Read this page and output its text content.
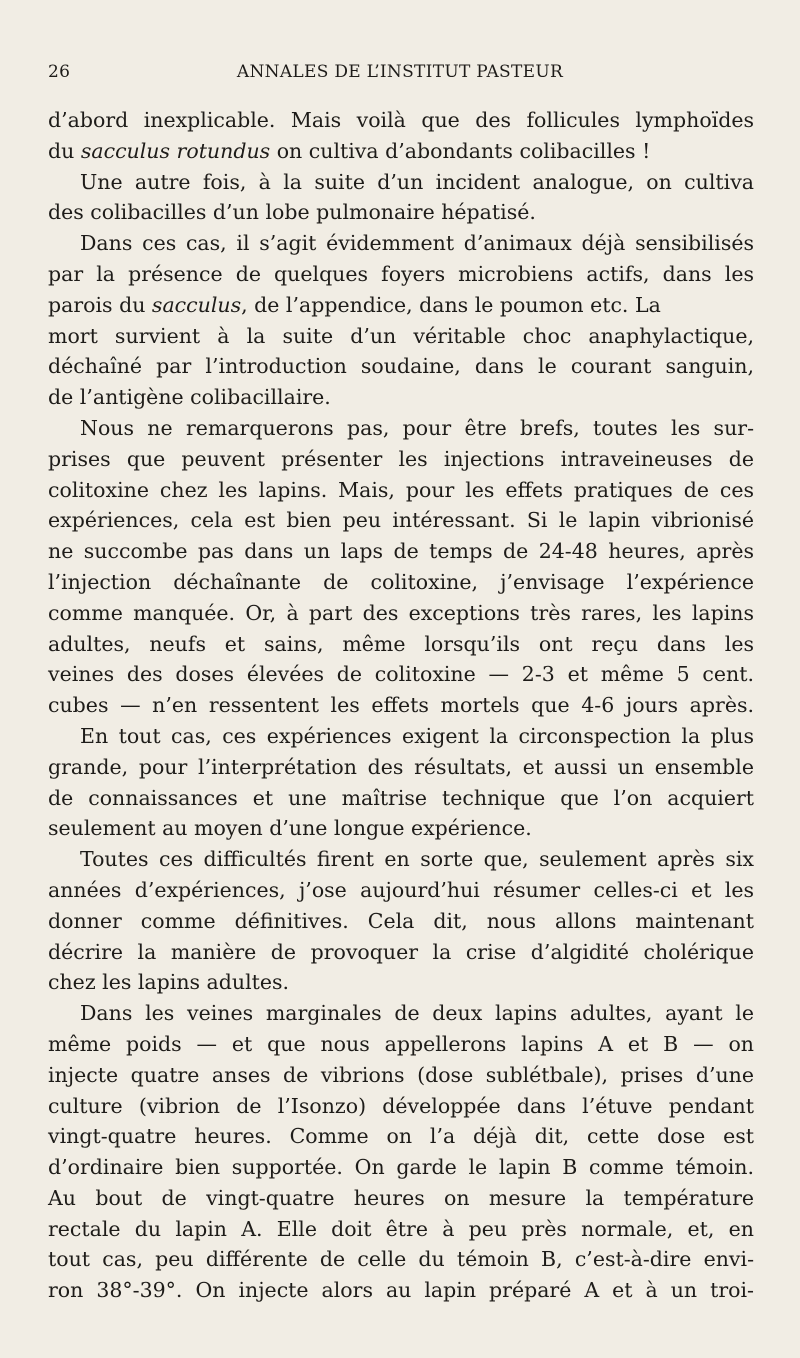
26	ANNALES DE L’INSTITUT PASTEUR
d’abord inexplicable. Mais voilà que des follicules lymphoïdes
du sacculus rotundus on cultiva d’abondants colibacilles !
Une autre fois, à la suite d’un incident analogue, on cultiva
des colibacilles d’un lobe pulmonaire hépatisé.
Dans ces cas, il s’agit évidemment d’animaux déjà sensibilisés
par la présence de quelques foyers microbiens actifs, dans les
parois du sacculus, de l’appendice, dans le poumon etc. La
mort survient à la suite d’un véritable choc anaphylactique,
déchaîné par l’introduction soudaine, dans le courant sanguin,
de l’antigène colibacillaire.
Nous ne remarquerons pas, pour être brefs, toutes les sur-
prises que peuvent présenter les injections intraveineuses de
colitoxine chez les lapins. Mais, pour les effets pratiques de ces
expériences, cela est bien peu intéressant. Si le lapin vibrionisé
ne succombe pas dans un laps de temps de 24-48 heures, après
l’injection déchaînante de colitoxine, j’envisage l’expérience
comme manquée. Or, à part des exceptions très rares, les lapins
adultes, neufs et sains, même lorsqu’ils ont reçu dans les
veines des doses élevées de colitoxine — 2-3 et même 5 cent.
cubes — n’en ressentent les effets mortels que 4-6 jours après.
En tout cas, ces expériences exigent la circonspection la plus
grande, pour l’interprétation des résultats, et aussi un ensemble
de connaissances et une maîtrise technique que l’on acquiert
seulement au moyen d’une longue expérience.
Toutes ces difficultés firent en sorte que, seulement après six
années d’expériences, j’ose aujourd’hui résumer celles-ci et les
donner comme définitives. Cela dit, nous allons maintenant
décrire la manière de provoquer la crise d’algidité cholérique
chez les lapins adultes.
Dans les veines marginales de deux lapins adultes, ayant le
même poids — et que nous appellerons lapins A et B — on
injecte quatre anses de vibrions (dose sublétbale), prises d’une
culture (vibrion de l’Isonzo) développée dans l’étuve pendant
vingt-quatre heures. Comme on l’a déjà dit, cette dose est
d’ordinaire bien supportée. On garde le lapin B comme témoin.
Au bout de vingt-quatre heures on mesure la température
rectale du lapin A. Elle doit être à peu près normale, et, en
tout cas, peu différente de celle du témoin B, c’est-à-dire envi-
ron 38°-39°. On injecte alors au lapin préparé A et à un troi-
